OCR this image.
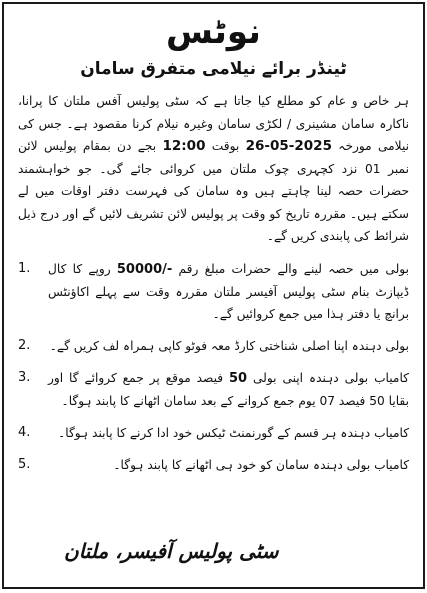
نوٹس
ٹینڈر برائے نیلامی متفرق سامان

ہر خاص و عام کو مطلع کیا جاتا ہے کہ سٹی پولیس آفس ملتان کا پرانا، ناکارہ سامان مشینری / لکڑی سامان وغیرہ نیلام کرنا مقصود ہے۔ جس کی نیلامی مورخہ 26-05-2025 بوقت 12:00 بجے دن بمقام پولیس لائن نمبر 01 نزد کچہری چوک ملتان میں کروائی جائے گی۔ جو خواہشمند حضرات حصہ لینا چاہتے ہیں وہ سامان کی فہرست دفتر اوقات میں لے سکتے ہیں۔ مقررہ تاریخ کو وقت پر پولیس لائن تشریف لائیں گے اور درج ذیل شرائط کی پابندی کریں گے۔

1.	بولی میں حصہ لینے والے حضرات مبلغ رقم -/50000 روپے کا کال ڈیپازٹ بنام سٹی پولیس آفیسر ملتان مقررہ وقت سے پہلے اکاؤنٹس برانچ یا دفتر ہذا میں جمع کروائیں گے۔
2.	بولی دہندہ اپنا اصلی شناختی کارڈ معہ فوٹو کاپی ہمراہ لف کریں گے۔
3.	کامیاب بولی دہندہ اپنی بولی 50 فیصد موقع پر جمع کروائے گا اور بقایا 50 فیصد 07 یوم جمع کروانے کے بعد سامان اٹھانے کا پابند ہوگا۔
4.	کامیاب دہندہ ہر قسم کے گورنمنٹ ٹیکس خود ادا کرنے کا پابند ہوگا۔
5.	کامیاب بولی دہندہ سامان کو خود ہی اٹھانے کا پابند ہوگا۔
سٹی پولیس آفیسر، ملتان
